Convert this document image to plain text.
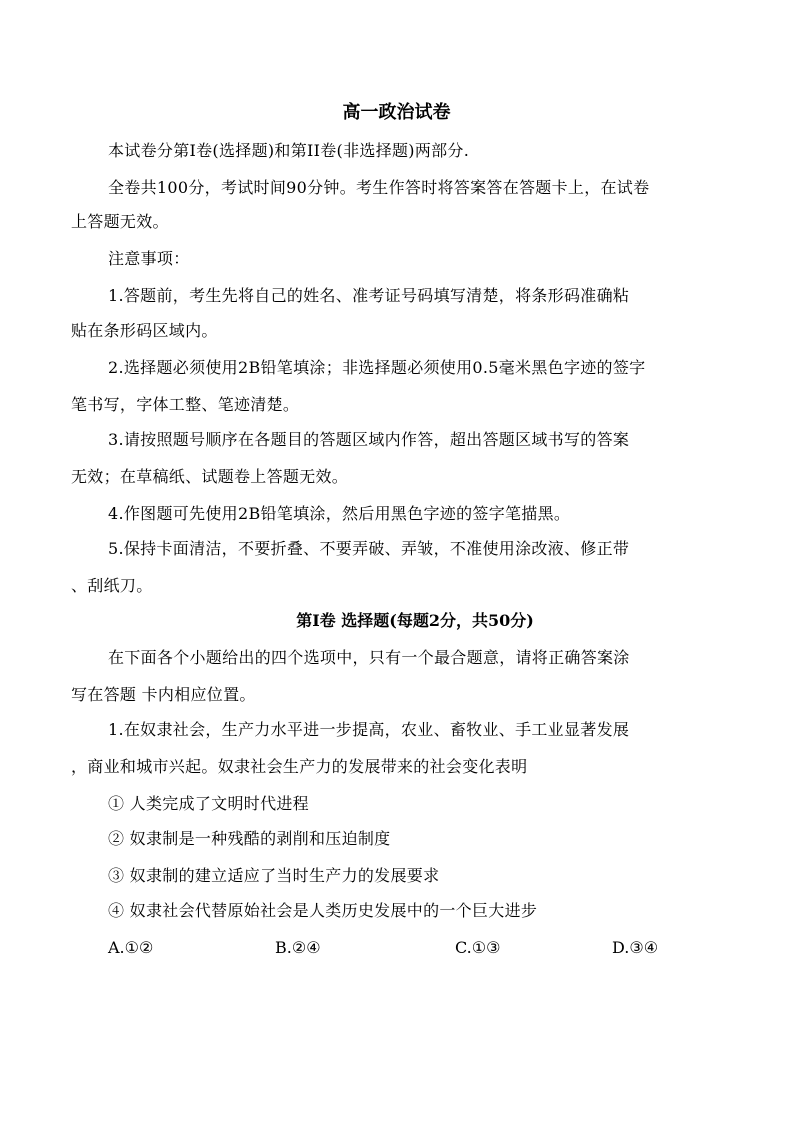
高一政治试卷
本试卷分第I卷(选择题)和第II卷(非选择题)两部分.
全卷共100分，考试时间90分钟。考生作答时将答案答在答题卡上，在试卷
上答题无效。
注意事项：
1.答题前，考生先将自己的姓名、准考证号码填写清楚，将条形码准确粘
贴在条形码区域内。
2.选择题必须使用2B铅笔填涂；非选择题必须使用0.5毫米黑色字迹的签字
笔书写，字体工整、笔迹清楚。
3.请按照题号顺序在各题目的答题区域内作答，超出答题区域书写的答案
无效；在草稿纸、试题卷上答题无效。
4.作图题可先使用2B铅笔填涂，然后用黑色字迹的签字笔描黑。
5.保持卡面清洁，不要折叠、不要弄破、弄皱，不准使用涂改液、修正带
、刮纸刀。
第I卷 选择题(每题2分，共50分)
在下面各个小题给出的四个选项中，只有一个最合题意，请将正确答案涂
写在答题 卡内相应位置。
1.在奴隶社会，生产力水平进一步提高，农业、畜牧业、手工业显著发展
，商业和城市兴起。奴隶社会生产力的发展带来的社会变化表明
① 人类完成了文明时代进程
② 奴隶制是一种残酷的剥削和压迫制度
③ 奴隶制的建立适应了当时生产力的发展要求
④ 奴隶社会代替原始社会是人类历史发展中的一个巨大进步
A.①②	B.②④	C.①③	D.③④
